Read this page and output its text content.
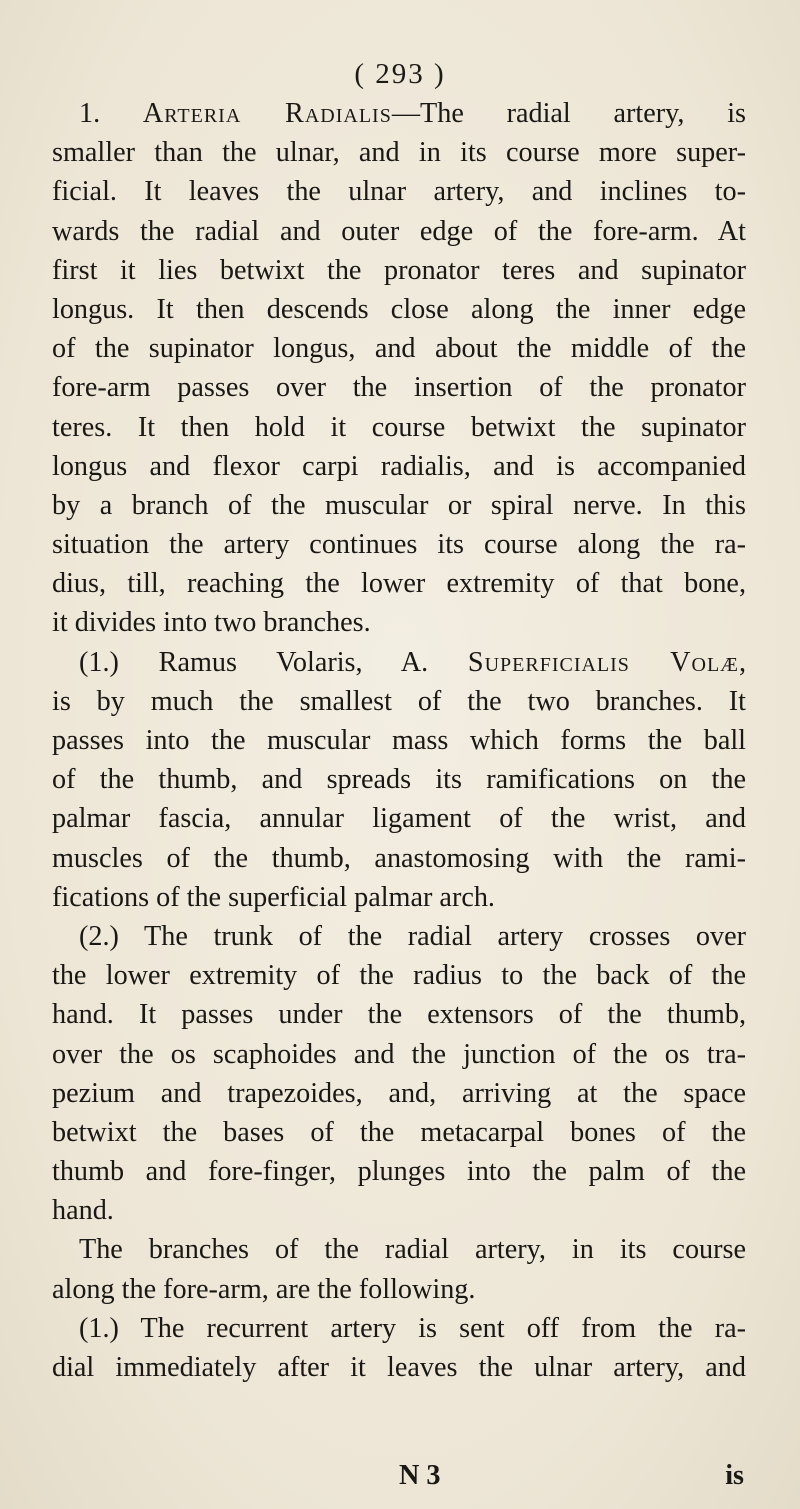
( 293 )
1. Arteria Radialis—The radial artery, is
smaller than the ulnar, and in its course more super-
ficial. It leaves the ulnar artery, and inclines to-
wards the radial and outer edge of the fore-arm. At
first it lies betwixt the pronator teres and supinator
longus. It then descends close along the inner edge
of the supinator longus, and about the middle of the
fore-arm passes over the insertion of the pronator
teres. It then hold it course betwixt the supinator
longus and flexor carpi radialis, and is accompanied
by a branch of the muscular or spiral nerve. In this
situation the artery continues its course along the ra-
dius, till, reaching the lower extremity of that bone,
it divides into two branches.
(1.) Ramus Volaris, A. Superficialis Volæ,
is by much the smallest of the two branches. It
passes into the muscular mass which forms the ball
of the thumb, and spreads its ramifications on the
palmar fascia, annular ligament of the wrist, and
muscles of the thumb, anastomosing with the rami-
fications of the superficial palmar arch.
(2.) The trunk of the radial artery crosses over
the lower extremity of the radius to the back of the
hand. It passes under the extensors of the thumb,
over the os scaphoides and the junction of the os tra-
pezium and trapezoides, and, arriving at the space
betwixt the bases of the metacarpal bones of the
thumb and fore-finger, plunges into the palm of the
hand.
The branches of the radial artery, in its course
along the fore-arm, are the following.
(1.) The recurrent artery is sent off from the ra-
dial immediately after it leaves the ulnar artery, and
N 3	is
